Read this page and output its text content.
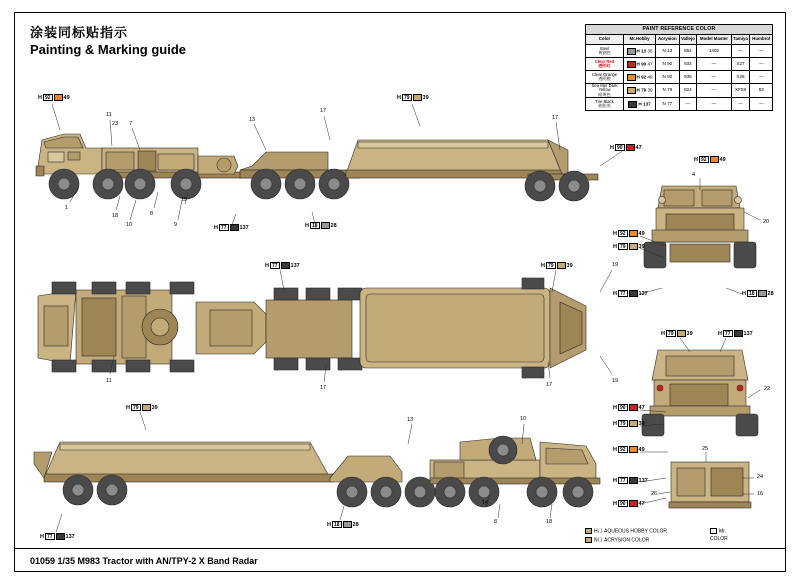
涂装同标贴指示
Painting & Marking guide
PAINT REFERENCE COLOR						
Color	Mr.Hobby	Acrysion	Vallejo	Model Master	Tamiya	Humbrol
Steel
黄钢色	H 13 35	N 13	864	1402	—	—
Clear Red
透明红	H 90 47	N 90	934	—	X27	—
Clear Orange
透明橙	H 92 49	N 92	935	—	X26	—
Sea Mer Dark Yellow
暗黄色	H 79 39	N 79	824	—	XF59	93
Tire Black
轮胎黑	H 137	N 77	—	—	—	—
H口 AQUEOUS HOBBY COLOR
N口 ACRYSION COLOR
Mr. COLOR
01059 1/35 M983 Tractor with AN/TPY-2 X Band Radar
H 92	49	H 79	39
H 90	47
H 92	49
H 92	49
H 79	39
H 77	137	H 18	28
H 77	137	H 18	28
H 77	137	H 79	39
H 79	39	H 77	137
H 90	47
H 79	39
H 92	49
H 77	137
H 90	47
H 79	39
H 77	137
H 18	28
11
23 7
17
13	17
1
18
10
8
15
9
4
20
11
17	17
19
19
22
13	10
25
24
16
26
14
8	18
